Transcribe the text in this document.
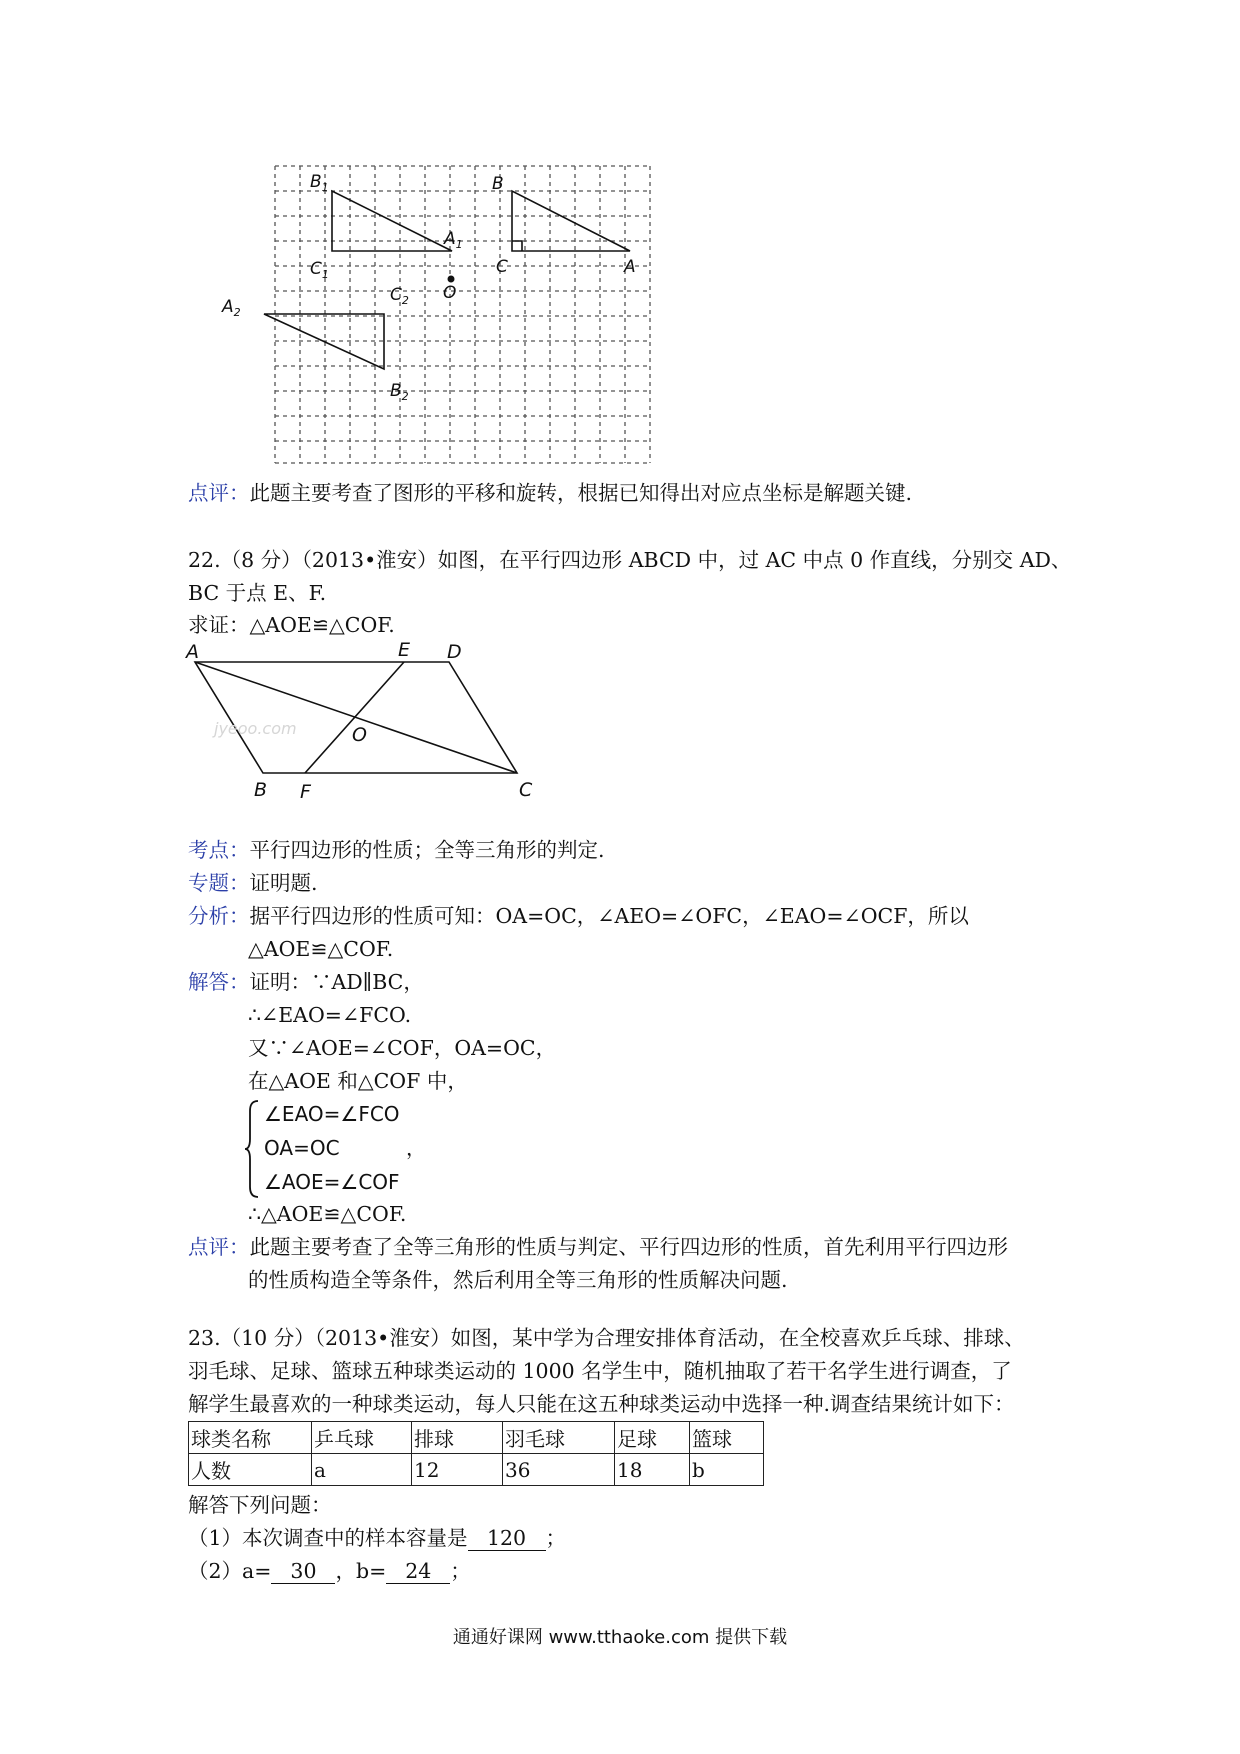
$B_1$
$C_1$
$A_1$
B
C	A
O
$A_2$
$C_2$
$B_2$
点评：此题主要考查了图形的平移和旋转，根据已知得出对应点坐标是解题关键.
22.（8 分）（2013•淮安）如图，在平行四边形 ABCD 中，过 AC 中点 0 作直线，分别交 AD、
BC 于点 E、F.
求证：△AOE≌△COF.
jyeoo.com
A	E D
O
B F	C
考点：平行四边形的性质；全等三角形的判定.
专题：证明题.
分析：据平行四边形的性质可知：OA=OC，∠AEO=∠OFC，∠EAO=∠OCF，所以
△AOE≌△COF.
解答：证明：∵AD∥BC，
∴∠EAO=∠FCO.
又∵∠AOE=∠COF，OA=OC，
在△AOE 和△COF 中，
∠EAO=∠FCO
OA=OC
∠AOE=∠COF
，
∴△AOE≌△COF.
点评：此题主要考查了全等三角形的性质与判定、平行四边形的性质，首先利用平行四边形
的性质构造全等条件，然后利用全等三角形的性质解决问题.
23.（10 分）（2013•淮安）如图，某中学为合理安排体育活动，在全校喜欢乒乓球、排球、
羽毛球、足球、篮球五种球类运动的 1000 名学生中，随机抽取了若干名学生进行调查，了
解学生最喜欢的一种球类运动，每人只能在这五种球类运动中选择一种.调查结果统计如下：
球类名称	乒乓球	排球	羽毛球	足球	篮球
人数	a	12	36	18	b
解答下列问题：
（1）本次调查中的样本容量是 120 ；
（2）a= 30 ，b= 24 ；
通通好课网 www.tthaoke.com 提供下载
